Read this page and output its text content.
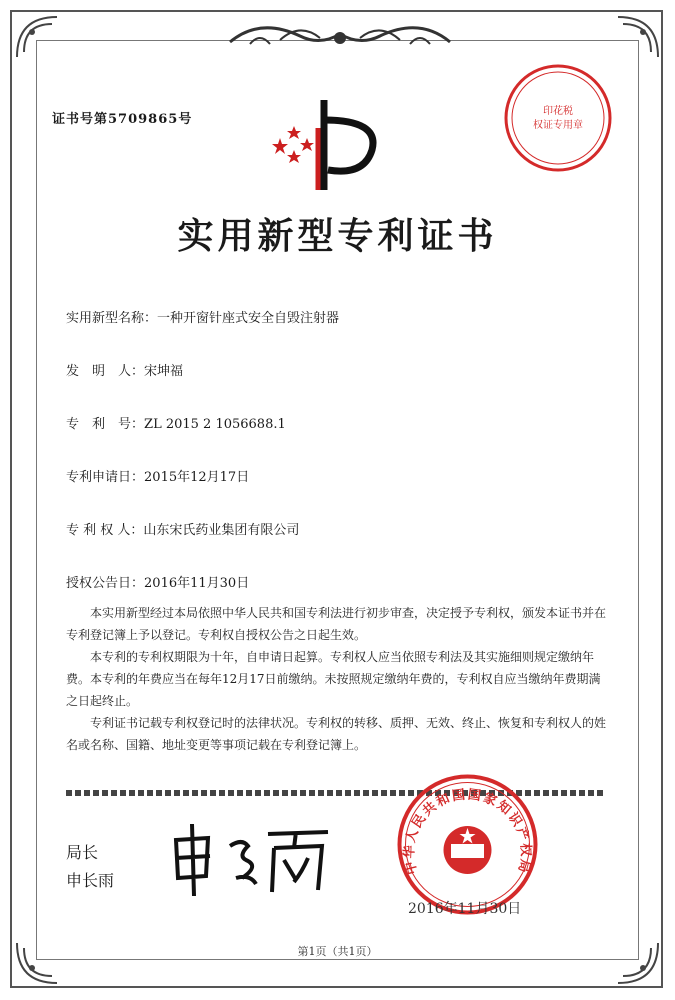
证书号第5709865号
印花税
权证专用章
实用新型专利证书
实用新型名称：一种开窗针座式安全自毁注射器
发　明　人：宋坤福
专　利　号：ZL 2015 2 1056688.1
专利申请日：2015年12月17日
专 利 权 人：山东宋氏药业集团有限公司
授权公告日：2016年11月30日

本实用新型经过本局依照中华人民共和国专利法进行初步审查，决定授予专利权，颁发本证书并在专利登记簿上予以登记。专利权自授权公告之日起生效。

本专利的专利权期限为十年，自申请日起算。专利权人应当依照专利法及其实施细则规定缴纳年费。本专利的年费应当在每年12月17日前缴纳。未按照规定缴纳年费的，专利权自应当缴纳年费期满之日起终止。

专利证书记载专利权登记时的法律状况。专利权的转移、质押、无效、终止、恢复和专利权人的姓名或名称、国籍、地址变更等事项记载在专利登记簿上。

局长
申长雨
中华人民共和国国家知识产权局
2016年11月30日
第1页（共1页）
